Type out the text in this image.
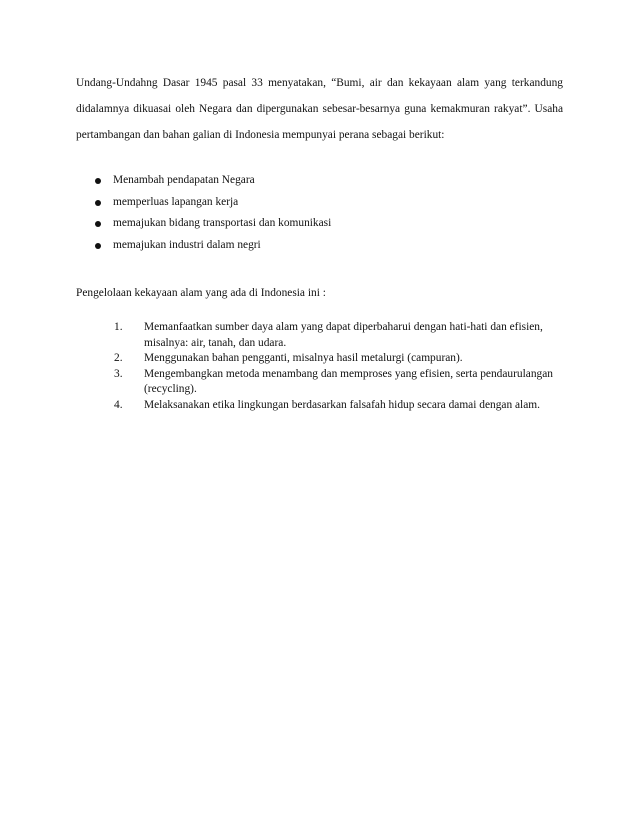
Undang-Undahng Dasar 1945 pasal 33 menyatakan, “Bumi, air dan kekayaan alam yang terkandung didalamnya dikuasai oleh Negara dan dipergunakan sebesar-besarnya guna kemakmuran rakyat”. Usaha pertambangan dan bahan galian di Indonesia mempunyai perana sebagai berikut:

Menambah pendapatan Negara
memperluas lapangan kerja
memajukan bidang transportasi dan komunikasi
memajukan industri dalam negri

Pengelolaan kekayaan alam yang ada di Indonesia ini :

1. Memanfaatkan sumber daya alam yang dapat diperbaharui dengan hati-hati dan efisien, misalnya: air, tanah, dan udara.
2. Menggunakan bahan pengganti, misalnya hasil metalurgi (campuran).
3. Mengembangkan metoda menambang dan memproses yang efisien, serta pendaurulangan (recycling).
4. Melaksanakan etika lingkungan berdasarkan falsafah hidup secara damai dengan alam.
